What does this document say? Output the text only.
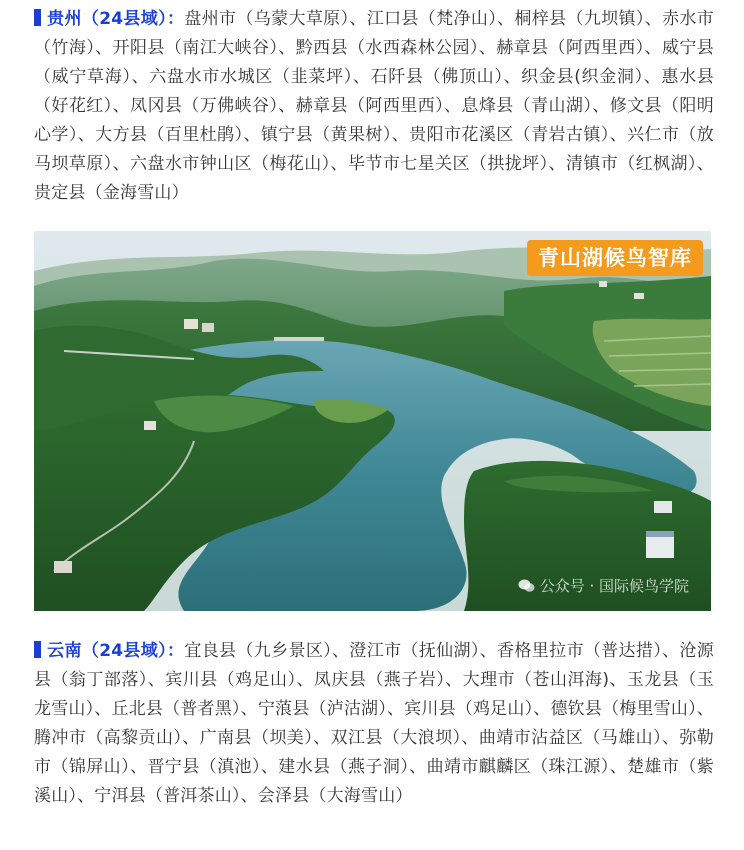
贵州（24县域）：盘州市（乌蒙大草原）、江口县（梵净山）、桐梓县（九坝镇）、赤水市（竹海）、开阳县（南江大峡谷）、黔西县（水西森林公园）、赫章县（阿西里西）、威宁县（威宁草海）、六盘水市水城区（韭菜坪）、石阡县（佛顶山）、织金县(织金洞）、惠水县（好花红）、凤冈县（万佛峡谷）、赫章县（阿西里西）、息烽县（青山湖）、修文县（阳明心学）、大方县（百里杜鹃）、镇宁县（黄果树）、贵阳市花溪区（青岩古镇）、兴仁市（放马坝草原）、六盘水市钟山区（梅花山）、毕节市七星关区（拱拢坪）、清镇市（红枫湖）、贵定县（金海雪山）
青山湖候鸟智库
公众号 · 国际候鸟学院
云南（24县域）：宜良县（九乡景区）、澄江市（抚仙湖）、香格里拉市（普达措）、沧源县（翁丁部落）、宾川县（鸡足山）、凤庆县（燕子岩）、大理市（苍山洱海)、玉龙县（玉龙雪山）、丘北县（普者黑）、宁蒗县（泸沽湖）、宾川县（鸡足山）、德钦县（梅里雪山）、腾冲市（高黎贡山）、广南县（坝美）、双江县（大浪坝）、曲靖市沾益区（马雄山）、弥勒市（锦屏山）、晋宁县（滇池）、建水县（燕子洞）、曲靖市麒麟区（珠江源）、楚雄市（紫溪山）、宁洱县（普洱茶山）、会泽县（大海雪山）
